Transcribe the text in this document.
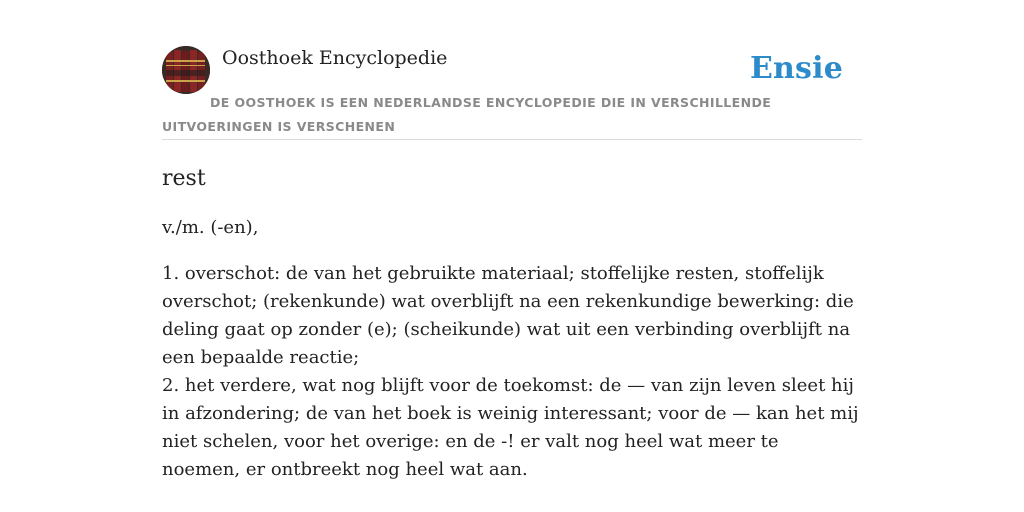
Oosthoek Encyclopedie	Ensie
DE OOSTHOEK IS EEN NEDERLANDSE ENCYCLOPEDIE DIE IN VERSCHILLENDE UITVOERINGEN IS VERSCHENEN
rest
v./m. (-en),
1. overschot: de van het gebruikte materiaal; stoffelijke resten, stoffelijk overschot; (rekenkunde) wat overblijft na een rekenkundige bewerking: die deling gaat op zonder (e); (scheikunde) wat uit een verbinding overblijft na een bepaalde reactie;
2. het verdere, wat nog blijft voor de toekomst: de — van zijn leven sleet hij in afzondering; de van het boek is weinig interessant; voor de — kan het mij niet schelen, voor het overige: en de -! er valt nog heel wat meer te noemen, er ontbreekt nog heel wat aan.
